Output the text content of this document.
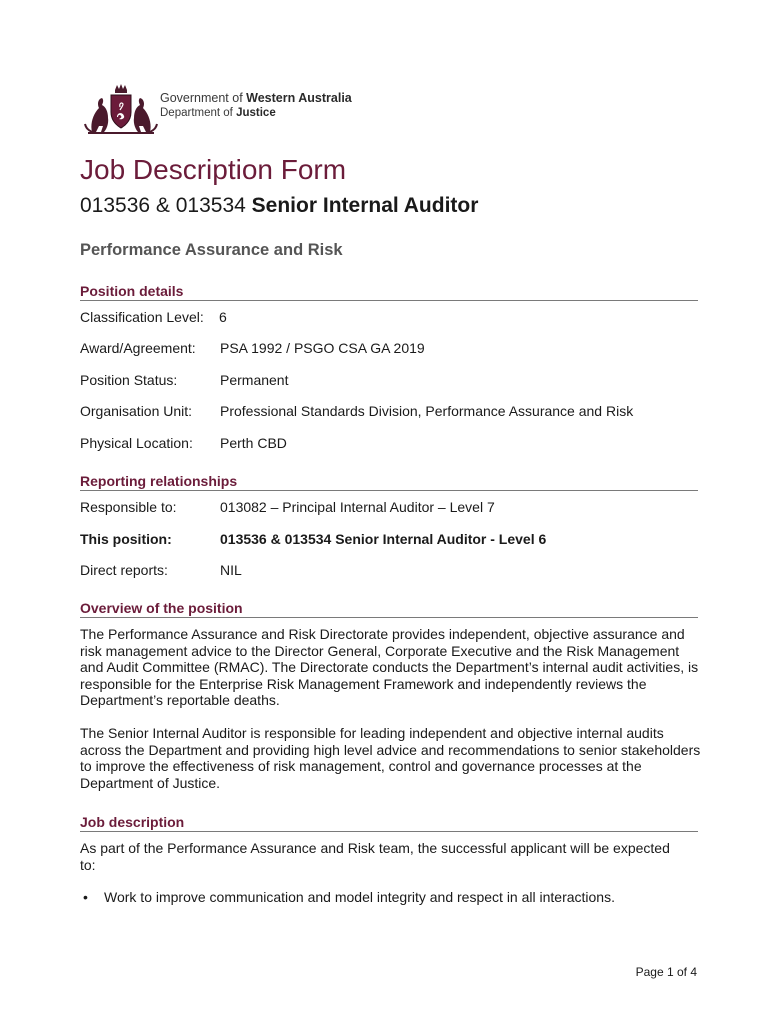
Government of Western Australia
Department of Justice
Job Description Form
013536 & 013534 Senior Internal Auditor
Performance Assurance and Risk
Position details
Classification Level: 6
Award/Agreement: PSA 1992 / PSGO CSA GA 2019
Position Status:	Permanent
Organisation Unit: Professional Standards Division, Performance Assurance and Risk
Physical Location: Perth CBD
Reporting relationships
Responsible to:	013082 – Principal Internal Auditor – Level 7
This position:	013536 & 013534 Senior Internal Auditor - Level 6
Direct reports:	NIL
Overview of the position

The Performance Assurance and Risk Directorate provides independent, objective assurance and risk management advice to the Director General, Corporate Executive and the Risk Management and Audit Committee (RMAC). The Directorate conducts the Department’s internal audit activities, is responsible for the Enterprise Risk Management Framework and independently reviews the Department’s reportable deaths.

The Senior Internal Auditor is responsible for leading independent and objective internal audits across the Department and providing high level advice and recommendations to senior stakeholders to improve the effectiveness of risk management, control and governance processes at the Department of Justice.

Job description

As part of the Performance Assurance and Risk team, the successful applicant will be expected to:

• Work to improve communication and model integrity and respect in all interactions.
Page 1 of 4
